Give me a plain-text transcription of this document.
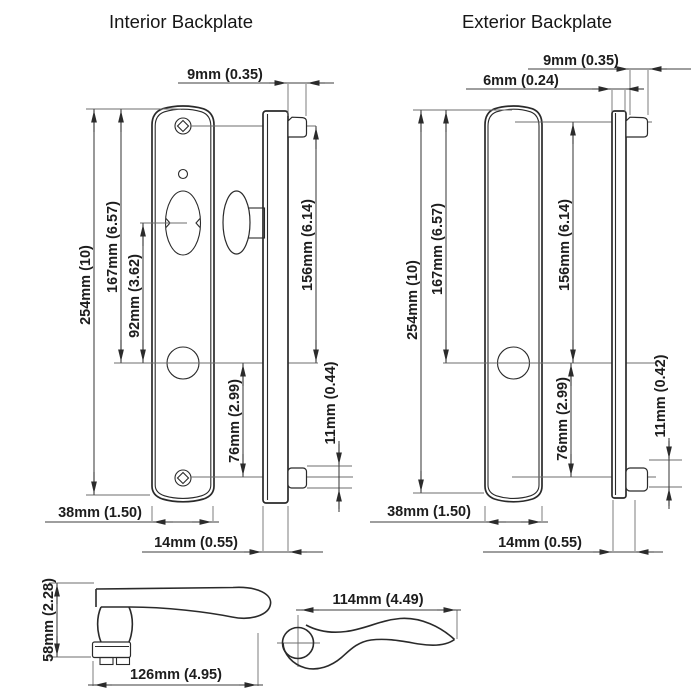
Interior Backplate	Exterior Backplate
9mm (0.35)
254mm (10) 167mm (6.57)
92mm (3.62)
156mm (6.14)
76mm (2.99)	11mm (0.44)
38mm (1.50)
14mm (0.55)
9mm (0.35)
6mm (0.24)
254mm (10)
167mm (6.57)	156mm (6.14)
76mm (2.99)	11mm (0.42)
38mm (1.50)
14mm (0.55)
58mm (2.28)
126mm (4.95)
114mm (4.49)
